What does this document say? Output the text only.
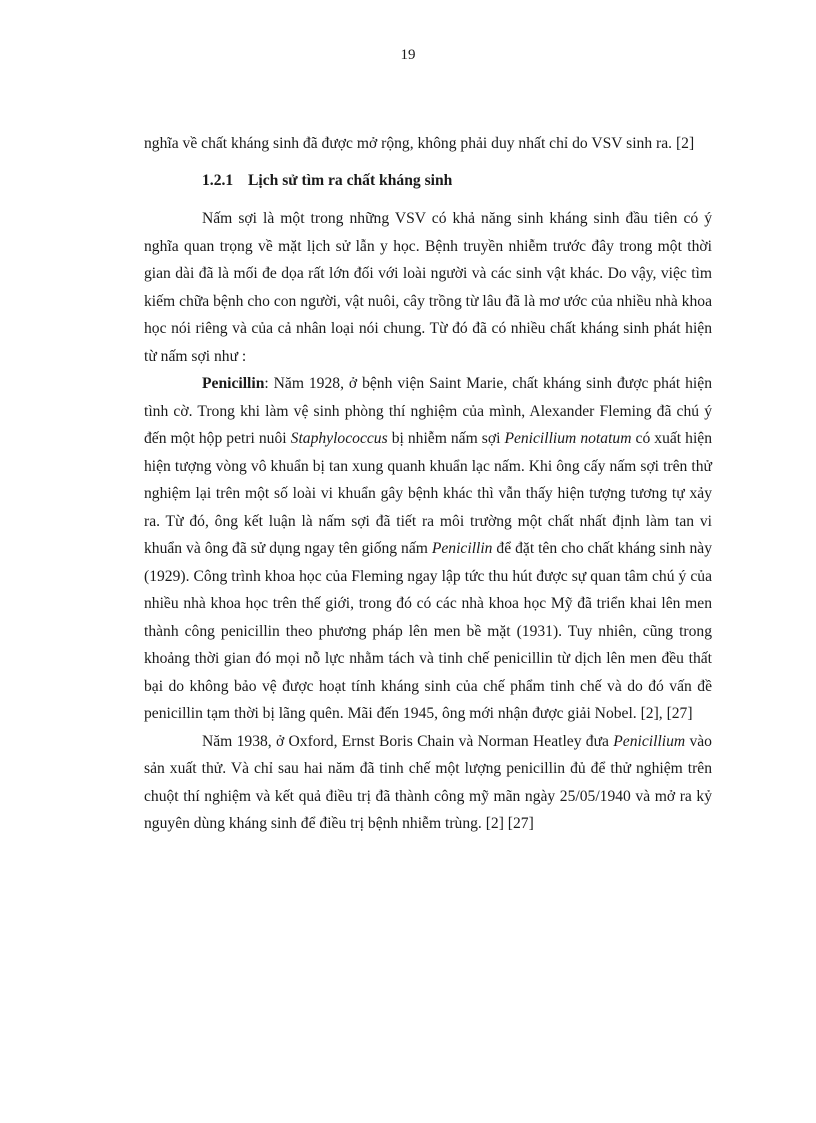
19

nghĩa về chất kháng sinh đã được mở rộng, không phải duy nhất chỉ do VSV sinh ra. [2]

1.2.1 Lịch sử tìm ra chất kháng sinh

Nấm sợi là một trong những VSV có khả năng sinh kháng sinh đầu tiên có ý nghĩa quan trọng về mặt lịch sử lẫn y học. Bệnh truyền nhiễm trước đây trong một thời gian dài đã là mối đe dọa rất lớn đối với loài người và các sinh vật khác. Do vậy, việc tìm kiếm chữa bệnh cho con người, vật nuôi, cây trồng từ lâu đã là mơ ước của nhiều nhà khoa học nói riêng và của cả nhân loại nói chung. Từ đó đã có nhiều chất kháng sinh phát hiện từ nấm sợi như :

Penicillin: Năm 1928, ở bệnh viện Saint Marie, chất kháng sinh được phát hiện tình cờ. Trong khi làm vệ sinh phòng thí nghiệm của mình, Alexander Fleming đã chú ý đến một hộp petri nuôi Staphylococcus bị nhiễm nấm sợi Penicillium notatum có xuất hiện hiện tượng vòng vô khuẩn bị tan xung quanh khuẩn lạc nấm. Khi ông cấy nấm sợi trên thử nghiệm lại trên một số loài vi khuẩn gây bệnh khác thì vẫn thấy hiện tượng tương tự xảy ra. Từ đó, ông kết luận là nấm sợi đã tiết ra môi trường một chất nhất định làm tan vi khuẩn và ông đã sử dụng ngay tên giống nấm Penicillin để đặt tên cho chất kháng sinh này (1929). Công trình khoa học của Fleming ngay lập tức thu hút được sự quan tâm chú ý của nhiều nhà khoa học trên thế giới, trong đó có các nhà khoa học Mỹ đã triển khai lên men thành công penicillin theo phương pháp lên men bề mặt (1931). Tuy nhiên, cũng trong khoảng thời gian đó mọi nỗ lực nhằm tách và tinh chế penicillin từ dịch lên men đều thất bại do không bảo vệ được hoạt tính kháng sinh của chế phẩm tinh chế và do đó vấn đề penicillin tạm thời bị lãng quên. Mãi đến 1945, ông mới nhận được giải Nobel. [2], [27]

Năm 1938, ở Oxford, Ernst Boris Chain và Norman Heatley đưa Penicillium vào sản xuất thử. Và chỉ sau hai năm đã tinh chế một lượng penicillin đủ để thử nghiệm trên chuột thí nghiệm và kết quả điều trị đã thành công mỹ mãn ngày 25/05/1940 và mở ra kỷ nguyên dùng kháng sinh để điều trị bệnh nhiễm trùng. [2] [27]
